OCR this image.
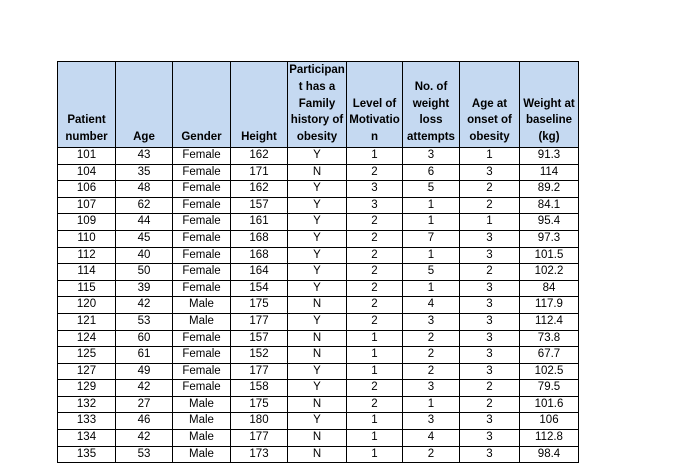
Patient
number	Age	Gender	Height	Participan
t has a
Family
history of
obesity	Level of
Motivatio
n	No. of
weight
loss
attempts	Age at
onset of
obesity	Weight at
baseline
(kg)

101	43	Female	162	Y	1	3	1	91.3
104	35	Female	171	N	2	6	3	114
106	48	Female	162	Y	3	5	2	89.2
107	62	Female	157	Y	3	1	2	84.1
109	44	Female	161	Y	2	1	1	95.4
110	45	Female	168	Y	2	7	3	97.3
112	40	Female	168	Y	2	1	3	101.5
114	50	Female	164	Y	2	5	2	102.2
115	39	Female	154	Y	2	1	3	84
120	42	Male	175	N	2	4	3	117.9
121	53	Male	177	Y	2	3	3	112.4
124	60	Female	157	N	1	2	3	73.8
125	61	Female	152	N	1	2	3	67.7
127	49	Female	177	Y	1	2	3	102.5
129	42	Female	158	Y	2	3	2	79.5
132	27	Male	175	N	2	1	2	101.6
133	46	Male	180	Y	1	3	3	106
134	42	Male	177	N	1	4	3	112.8
135	53	Male	173	N	1	2	3	98.4
